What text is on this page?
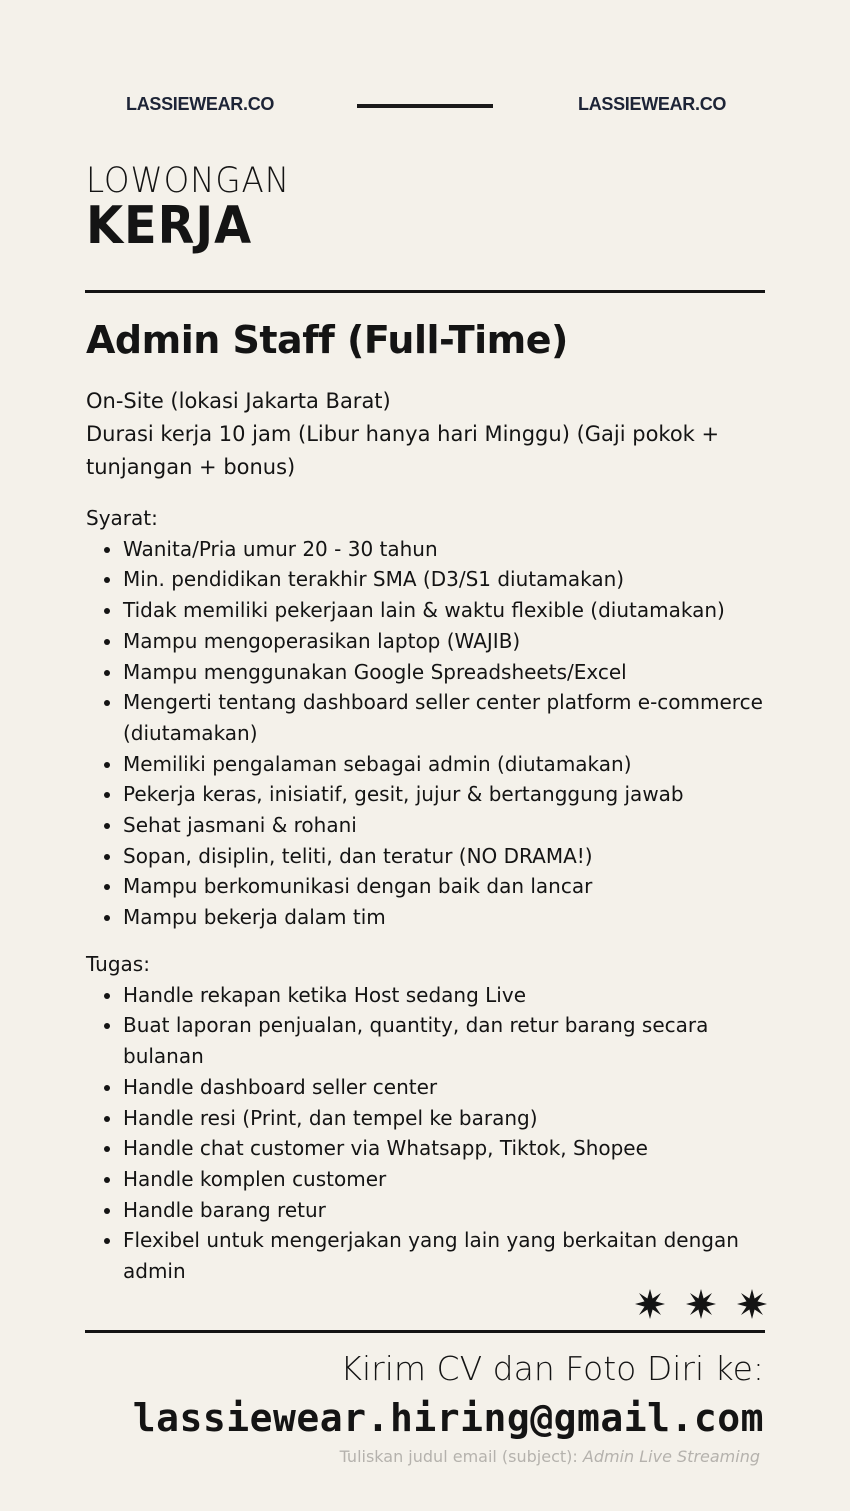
LASSIEWEAR.CO	LASSIEWEAR.CO
LOWONGAN
KERJA
Admin Staff (Full-Time)
On-Site (lokasi Jakarta Barat)
Durasi kerja 10 jam (Libur hanya hari Minggu) (Gaji pokok +
tunjangan + bonus)
Syarat:
• Wanita/Pria umur 20 - 30 tahun
• Min. pendidikan terakhir SMA (D3/S1 diutamakan)
• Tidak memiliki pekerjaan lain & waktu flexible (diutamakan)
• Mampu mengoperasikan laptop (WAJIB)
• Mampu menggunakan Google Spreadsheets/Excel
• Mengerti tentang dashboard seller center platform e-commerce (diutamakan)
• Memiliki pengalaman sebagai admin (diutamakan)
• Pekerja keras, inisiatif, gesit, jujur & bertanggung jawab
• Sehat jasmani & rohani
• Sopan, disiplin, teliti, dan teratur (NO DRAMA!)
• Mampu berkomunikasi dengan baik dan lancar
• Mampu bekerja dalam tim
Tugas:
• Handle rekapan ketika Host sedang Live
• Buat laporan penjualan, quantity, dan retur barang secara bulanan
• Handle dashboard seller center
• Handle resi (Print, dan tempel ke barang)
• Handle chat customer via Whatsapp, Tiktok, Shopee
• Handle komplen customer
• Handle barang retur
• Flexibel untuk mengerjakan yang lain yang berkaitan dengan admin
Kirim CV dan Foto Diri ke:
lassiewear.hiring@gmail.com
Tuliskan judul email (subject): Admin Live Streaming
